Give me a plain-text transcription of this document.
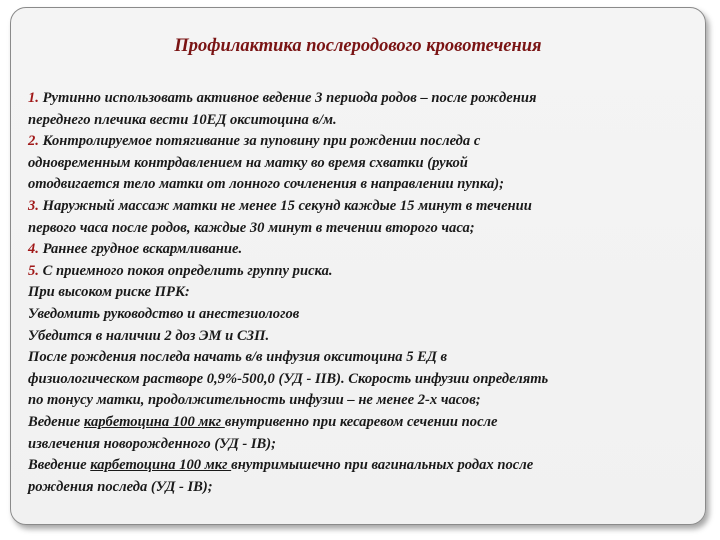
Профилактика послеродового кровотечения
1. Рутинно использовать активное ведение 3 периода родов – после рождения
переднего плечика вести 10ЕД окситоцина в/м.
2. Контролируемое потягивание за пуповину при рождении последа с
одновременным контрдавлением на матку во время схватки (рукой
отодвигается тело матки от лонного сочленения в направлении пупка);
3. Наружный массаж матки не менее 15 секунд каждые 15 минут в течении
первого часа после родов, каждые 30 минут в течении второго часа;
4. Раннее грудное вскармливание.
5. С приемного покоя определить группу риска.
При высоком риске ПРК:
Уведомить руководство и анестезиологов
Убедится в наличии 2 доз ЭМ и СЗП.
После рождения последа начать в/в инфузия окситоцина 5 ЕД в
физиологическом растворе 0,9%-500,0 (УД - IIВ). Скорость инфузии определять
по тонусу матки, продолжительность инфузии – не менее 2-х часов;
Ведение карбетоцина 100 мкг внутривенно при кесаревом сечении после
извлечения новорожденного (УД - IB);
Введение карбетоцина 100 мкг внутримышечно при вагинальных родах после
рождения последа (УД - IB);
